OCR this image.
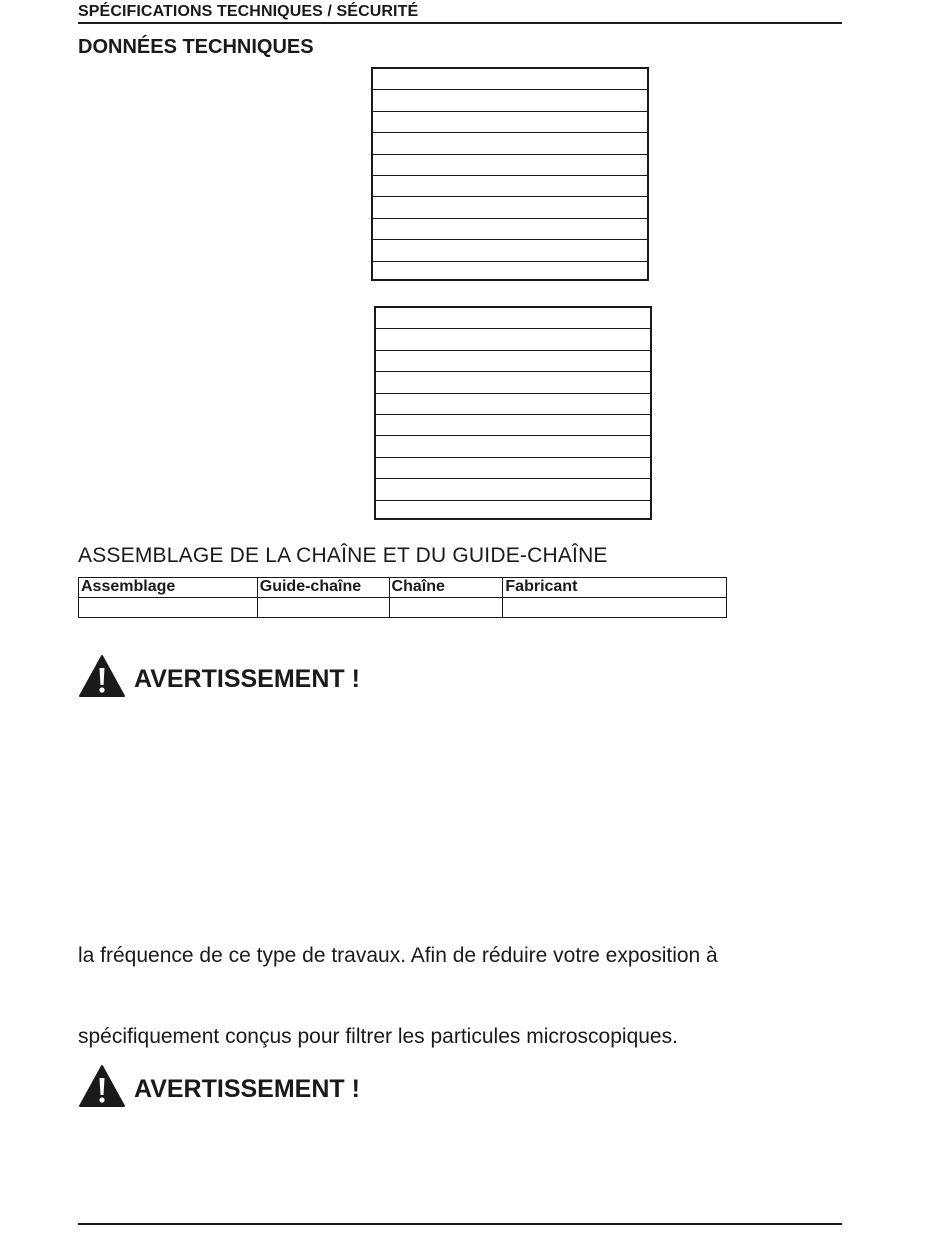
SPÉCIFICATIONS TECHNIQUES / SÉCURITÉ
DONNÉES TECHNIQUES
ASSEMBLAGE DE LA CHAÎNE ET DU GUIDE-CHAÎNE
Assemblage	Guide-chaîne	Chaîne	Fabricant

AVERTISSEMENT !
la fréquence de ce type de travaux. Afin de réduire votre exposition à
spécifiquement conçus pour filtrer les particules microscopiques.
AVERTISSEMENT !
